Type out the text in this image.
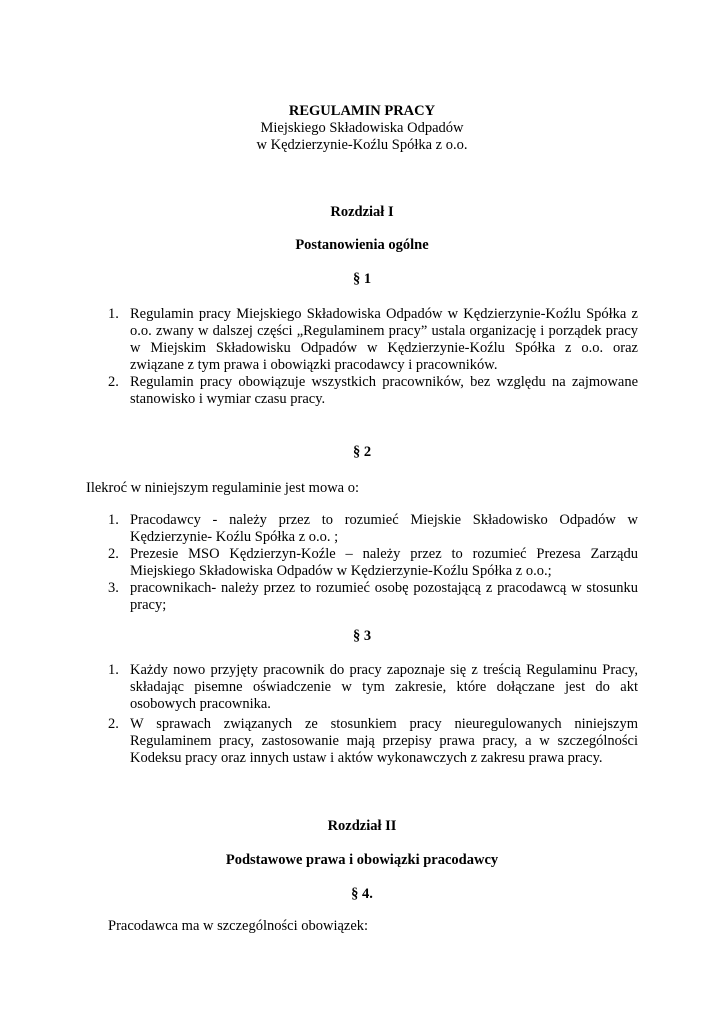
REGULAMIN PRACY
Miejskiego Składowiska Odpadów
w Kędzierzynie-Koźlu Spółka z o.o.
Rozdział I
Postanowienia ogólne
§ 1
1. Regulamin pracy Miejskiego Składowiska Odpadów w Kędzierzynie-Koźlu Spółka z o.o. zwany w dalszej części „Regulaminem pracy” ustala organizację i porządek pracy w Miejskim Składowisku Odpadów w Kędzierzynie-Koźlu Spółka z o.o. oraz związane z tym prawa i obowiązki pracodawcy i pracowników.
2. Regulamin pracy obowiązuje wszystkich pracowników, bez względu na zajmowane stanowisko i wymiar czasu pracy.
§ 2
Ilekroć w niniejszym regulaminie jest mowa o:
1. Pracodawcy - należy przez to rozumieć Miejskie Składowisko Odpadów w Kędzierzynie- Koźlu Spółka z o.o. ;
2. Prezesie MSO Kędzierzyn-Koźle – należy przez to rozumieć Prezesa Zarządu Miejskiego Składowiska Odpadów w Kędzierzynie-Koźlu Spółka z o.o.;
3. pracownikach- należy przez to rozumieć osobę pozostającą z pracodawcą w stosunku pracy;
§ 3
1. Każdy nowo przyjęty pracownik do pracy zapoznaje się z treścią Regulaminu Pracy, składając pisemne oświadczenie w tym zakresie, które dołączane jest do akt osobowych pracownika.
2. W sprawach związanych ze stosunkiem pracy nieuregulowanych niniejszym Regulaminem pracy, zastosowanie mają przepisy prawa pracy, a w szczególności Kodeksu pracy oraz innych ustaw i aktów wykonawczych z zakresu prawa pracy.
Rozdział II
Podstawowe prawa i obowiązki pracodawcy
§ 4.
Pracodawca ma w szczególności obowiązek:
